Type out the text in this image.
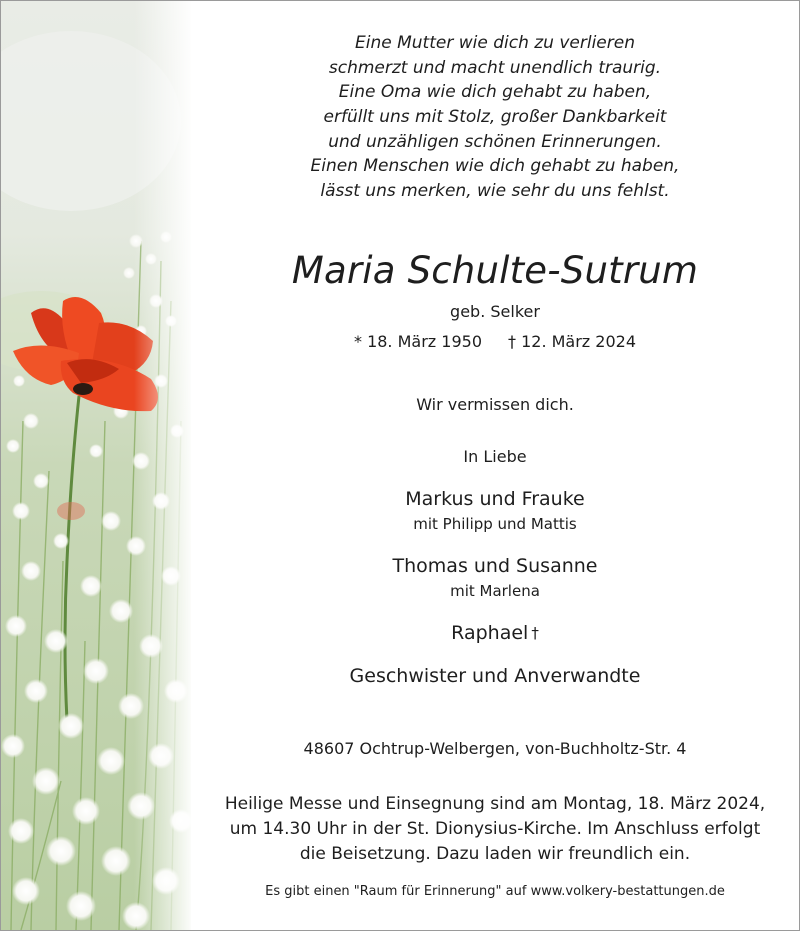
Eine Mutter wie dich zu verlieren
schmerzt und macht unendlich traurig.
Eine Oma wie dich gehabt zu haben,
erfüllt uns mit Stolz, großer Dankbarkeit
und unzähligen schönen Erinnerungen.
Einen Menschen wie dich gehabt zu haben,
lässt uns merken, wie sehr du uns fehlst.
Maria Schulte-Sutrum
geb. Selker
* 18. März 1950 † 12. März 2024
Wir vermissen dich.
In Liebe
Markus und Frauke
mit Philipp und Mattis
Thomas und Susanne
mit Marlena
Raphael †
Geschwister und Anverwandte
48607 Ochtrup-Welbergen, von-Buchholtz-Str. 4
Heilige Messe und Einsegnung sind am Montag, 18. März 2024,
um 14.30 Uhr in der St. Dionysius-Kirche. Im Anschluss erfolgt
die Beisetzung. Dazu laden wir freundlich ein.
Es gibt einen "Raum für Erinnerung" auf www.volkery-bestattungen.de
